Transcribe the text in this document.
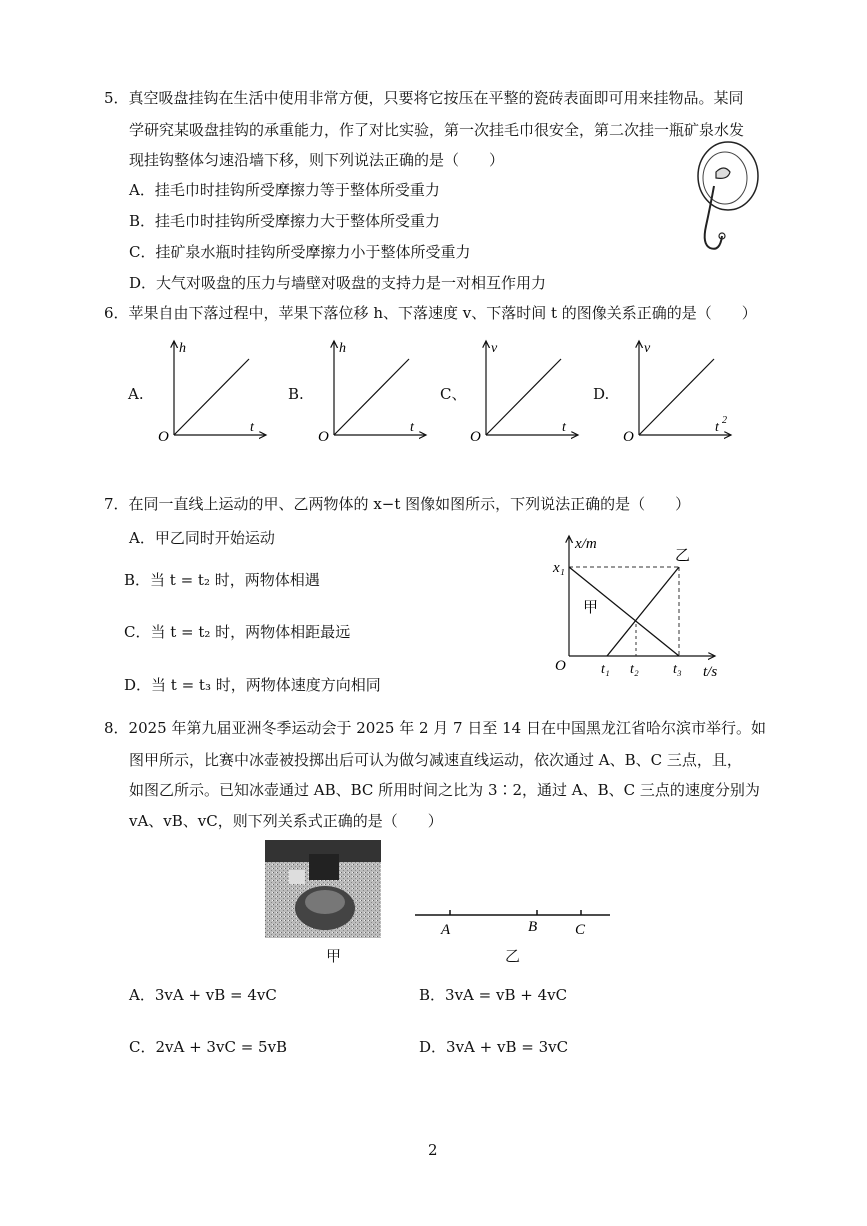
5．真空吸盘挂钩在生活中使用非常方便，只要将它按压在平整的瓷砖表面即可用来挂物品。某同
学研究某吸盘挂钩的承重能力，作了对比实验，第一次挂毛巾很安全，第二次挂一瓶矿泉水发
现挂钩整体匀速沿墙下移，则下列说法正确的是（　　）
A．挂毛巾时挂钩所受摩擦力等于整体所受重力
B．挂毛巾时挂钩所受摩擦力大于整体所受重力
C．挂矿泉水瓶时挂钩所受摩擦力小于整体所受重力
D．大气对吸盘的压力与墙壁对吸盘的支持力是一对相互作用力
6．苹果自由下落过程中，苹果下落位移 h、下落速度 v、下落时间 t 的图像关系正确的是（　　）
A.
h
t
O
B.
h
t
O
C、
v
t
O
D.
v
t
O
2
7．在同一直线上运动的甲、乙两物体的 x−t 图像如图所示，下列说法正确的是（　　）
A．甲乙同时开始运动
B．当 t = t₂ 时，两物体相遇
C．当 t = t₂ 时，两物体相距最远
D．当 t = t₃ 时，两物体速度方向相同
x/m
O	t/s
x₁
甲
乙
t₁ t₂ t₃
8．2025 年第九届亚洲冬季运动会于 2025 年 2 月 7 日至 14 日在中国黑龙江省哈尔滨市举行。如
图甲所示，比赛中冰壶被投掷出后可认为做匀减速直线运动，依次通过 A、B、C 三点，且，
如图乙所示。已知冰壶通过 AB、BC 所用时间之比为 3∶2，通过 A、B、C 三点的速度分别为
vA、vB、vC，则下列关系式正确的是（　　）
甲
A	B	C
乙
A．3vA + vB = 4vC	B．3vA = vB + 4vC
C．2vA + 3vC = 5vB	D．3vA + vB = 3vC
2
